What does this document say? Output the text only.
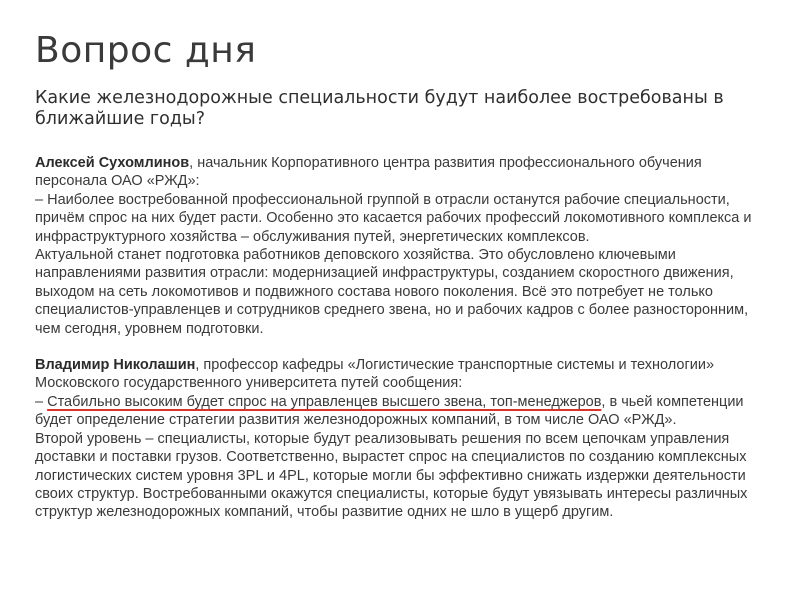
Вопрос дня
Какие железнодорожные специальности будут наиболее востребованы в ближайшие годы?

Алексей Сухомлинов, начальник Корпоративного центра развития профессионального обучения персонала ОАО «РЖД»:

– Наиболее востребованной профессиональной группой в отрасли останутся рабочие специальности, причём спрос на них будет расти. Особенно это касается рабочих профессий локомотивного комплекса и инфраструктурного хозяйства – обслуживания путей, энергетических комплексов.

Актуальной станет подготовка работников деповского хозяйства. Это обусловлено ключевыми направлениями развития отрасли: модернизацией инфраструктуры, созданием скоростного движения, выходом на сеть локомотивов и подвижного состава нового поколения. Всё это потребует не только специалистов-управленцев и сотрудников среднего звена, но и рабочих кадров с более разносторонним, чем сегодня, уровнем подготовки.

Владимир Николашин, профессор кафедры «Логистические транспортные системы и технологии» Московского государственного университета путей сообщения:

– Стабильно высоким будет спрос на управленцев высшего звена, топ-менеджеров, в чьей компетенции будет определение стратегии развития железнодорожных компаний, в том числе ОАО «РЖД».

Второй уровень – специалисты, которые будут реализовывать решения по всем цепочкам управления доставки и поставки грузов. Соответственно, вырастет спрос на специалистов по созданию комплексных логистических систем уровня 3PL и 4PL, которые могли бы эффективно снижать издержки деятельности своих структур. Востребованными окажутся специалисты, которые будут увязывать интересы различных структур железнодорожных компаний, чтобы развитие одних не шло в ущерб другим.
